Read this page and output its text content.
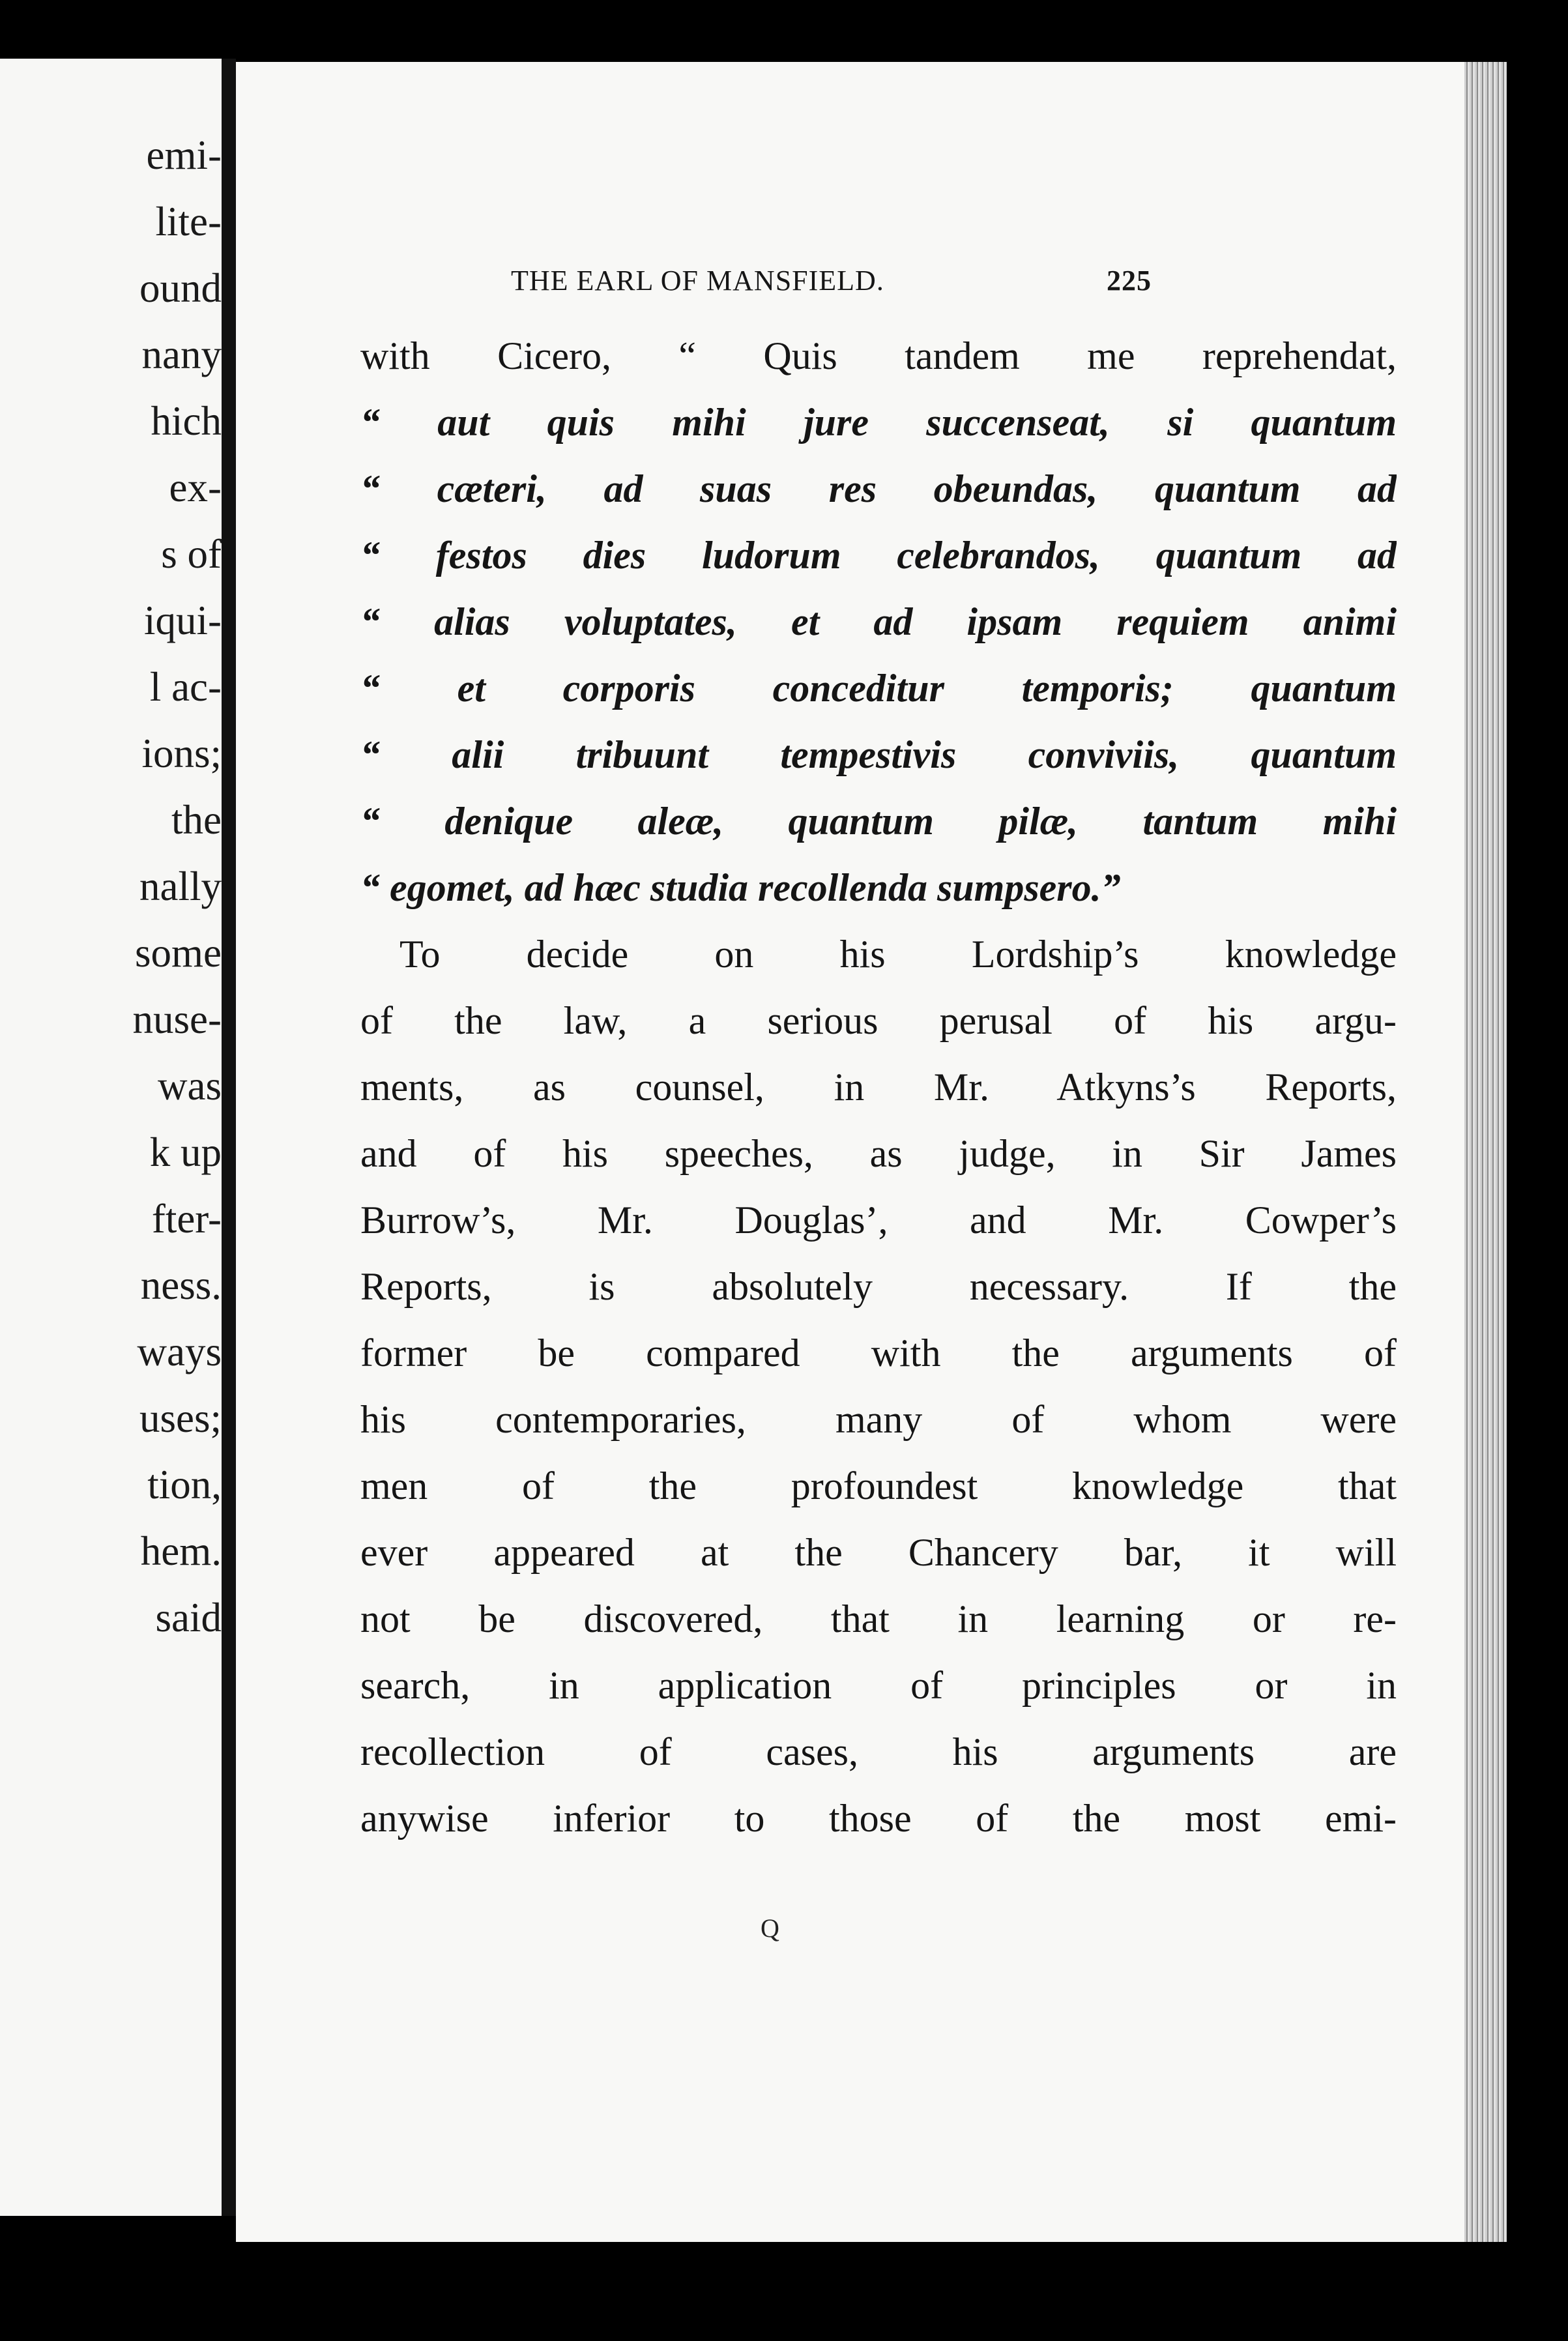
emi-
lite-
ound
nany
hich
ex-
s of
iqui-
l ac-
ions;
the
nally
some
nuse-
was
k up
fter-
ness.
ways
uses;
tion,
hem.
said
THE EARL OF MANSFIELD.	225
with Cicero, “ Quis tandem me reprehendat,
“ aut quis mihi jure succenseat, si quantum
“ cæteri, ad suas res obeundas, quantum ad
“ festos dies ludorum celebrandos, quantum ad
“ alias voluptates, et ad ipsam requiem animi
“ et corporis conceditur temporis; quantum
“ alii tribuunt tempestivis conviviis, quantum
“ denique aleæ, quantum pilæ, tantum mihi
“ egomet, ad hæc studia recollenda sumpsero.”
To decide on his Lordship’s knowledge
of the law, a serious perusal of his argu-
ments, as counsel, in Mr. Atkyns’s Reports,
and of his speeches, as judge, in Sir James
Burrow’s, Mr. Douglas’, and Mr. Cowper’s
Reports, is absolutely necessary. If the
former be compared with the arguments of
his contemporaries, many of whom were
men of the profoundest knowledge that
ever appeared at the Chancery bar, it will
not be discovered, that in learning or re-
search, in application of principles or in
recollection of cases, his arguments are
anywise inferior to those of the most emi-
Q
